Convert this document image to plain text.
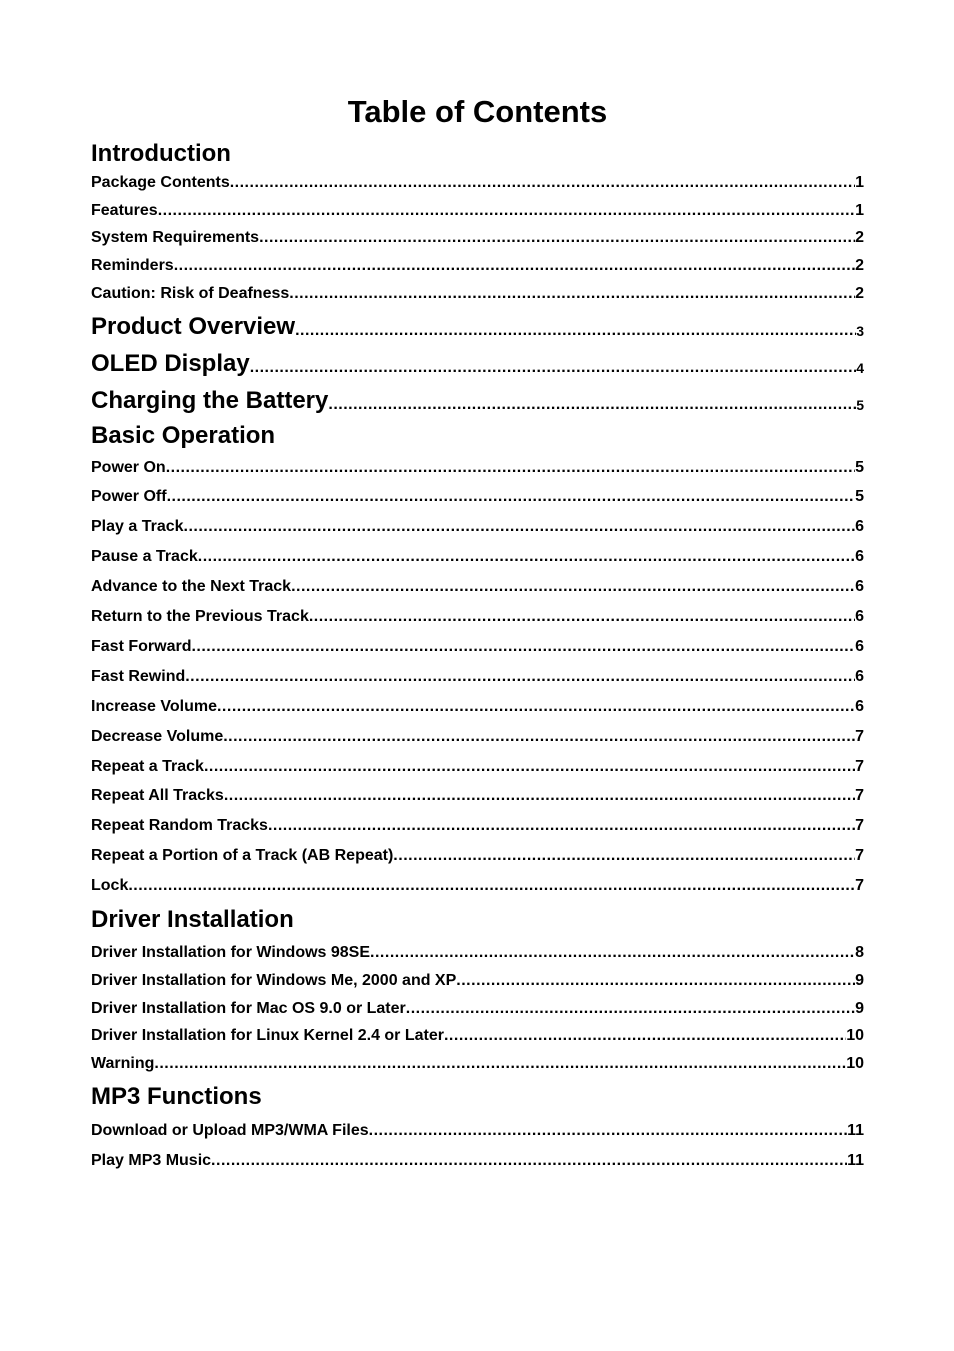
Table of Contents
Introduction
Package Contents .....	1
Features .....	1
System Requirements .....	2
Reminders .....	2
Caution: Risk of Deafness .....	2
Product Overview .....	3
OLED Display .....	4
Charging the Battery .....	5
Basic Operation
Power On .....	5
Power Off .....	5
Play a Track .....	6
Pause a Track .....	6
Advance to the Next Track .....	6
Return to the Previous Track .....	6
Fast Forward .....	6
Fast Rewind .....	6
Increase Volume .....	6
Decrease Volume .....	7
Repeat a Track .....	7
Repeat All Tracks .....	7
Repeat Random Tracks .....	7
Repeat a Portion of a Track (AB Repeat) .....	7
Lock .....	7
Driver Installation
Driver Installation for Windows 98SE .....	8
Driver Installation for Windows Me, 2000 and XP .....	9
Driver Installation for Mac OS 9.0 or Later .....	9
Driver Installation for Linux Kernel 2.4 or Later .....	10
Warning .....	10
MP3 Functions
Download or Upload MP3/WMA Files .....	11
Play MP3 Music .....	11
